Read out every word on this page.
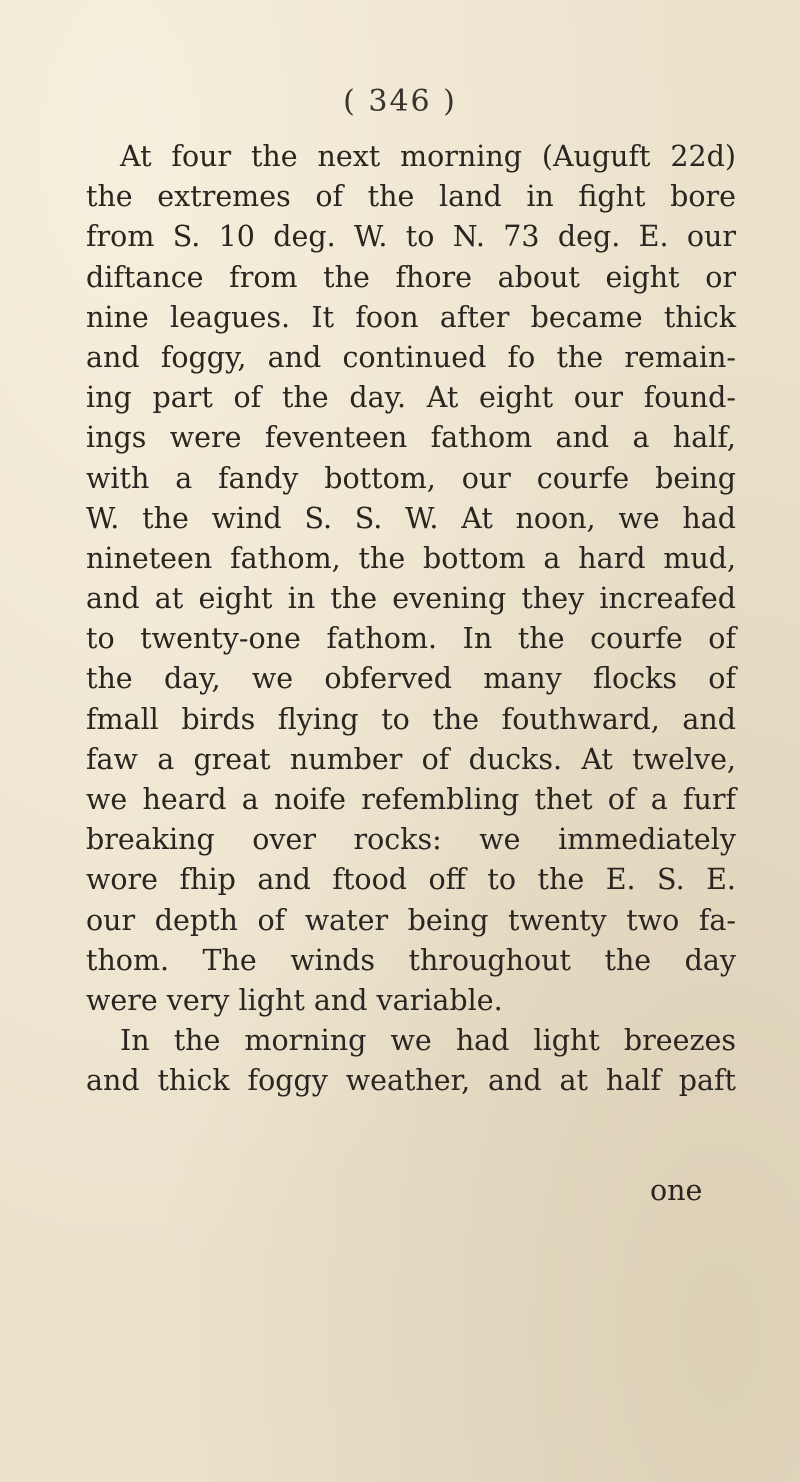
( 346 )
At four the next morning (Auguft 22d)
the extremes of the land in fight bore
from S. 10 deg. W. to N. 73 deg. E. our
diftance from the fhore about eight or
nine leagues. It foon after became thick
and foggy, and continued fo the remain-
ing part of the day. At eight our found-
ings were feventeen fathom and a half,
with a fandy bottom, our courfe being
W. the wind S. S. W. At noon, we had
nineteen fathom, the bottom a hard mud,
and at eight in the evening they increafed
to twenty-one fathom. In the courfe of
the day, we obferved many flocks of
fmall birds flying to the fouthward, and
faw a great number of ducks. At twelve,
we heard a noife refembling thet of a furf
breaking over rocks: we immediately
wore fhip and ftood off to the E. S. E.
our depth of water being twenty two fa-
thom. The winds throughout the day
were very light and variable.
In the morning we had light breezes
and thick foggy weather, and at half paft
one
